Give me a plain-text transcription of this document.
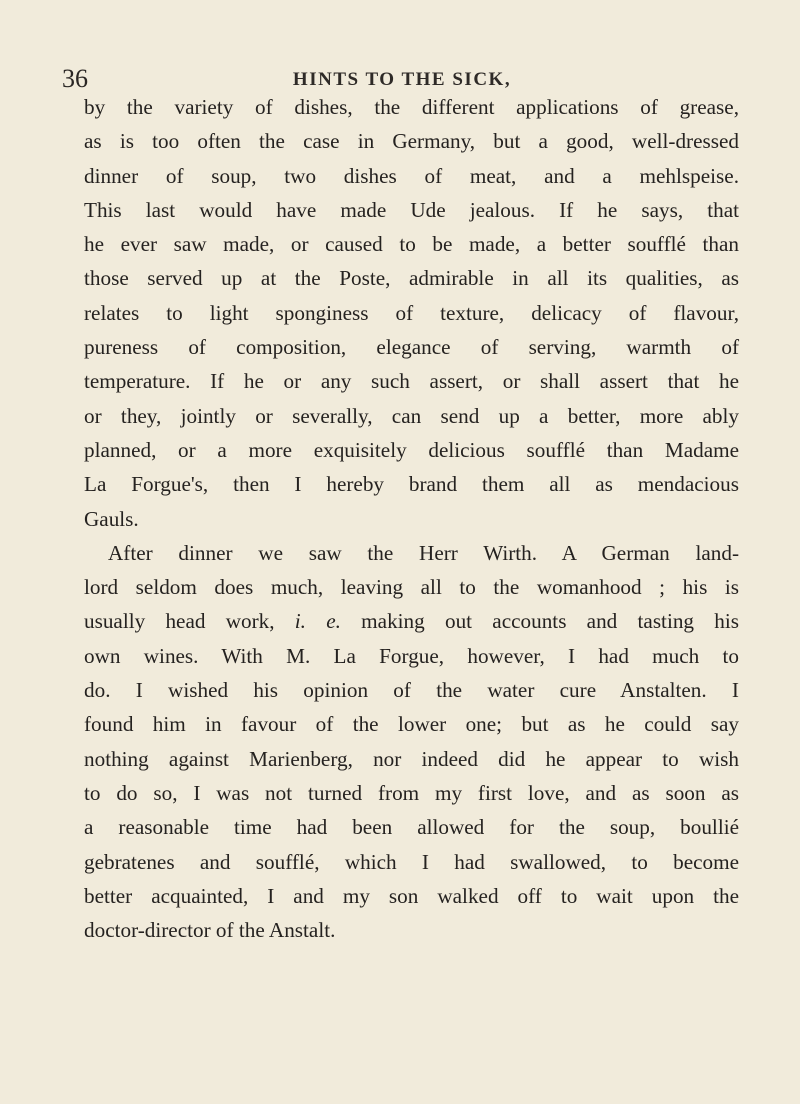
36	HINTS TO THE SICK,
by the variety of dishes, the different applications of grease,
as is too often the case in Germany, but a good, well-dressed
dinner of soup, two dishes of meat, and a mehlspeise.
This last would have made Ude jealous. If he says, that
he ever saw made, or caused to be made, a better soufflé than
those served up at the Poste, admirable in all its qualities, as
relates to light sponginess of texture, delicacy of flavour,
pureness of composition, elegance of serving, warmth of
temperature. If he or any such assert, or shall assert that he
or they, jointly or severally, can send up a better, more ably
planned, or a more exquisitely delicious soufflé than Madame
La Forgue's, then I hereby brand them all as mendacious
Gauls.
After dinner we saw the Herr Wirth. A German land-
lord seldom does much, leaving all to the womanhood ; his is
usually head work, i. e. making out accounts and tasting his
own wines. With M. La Forgue, however, I had much to
do. I wished his opinion of the water cure Anstalten. I
found him in favour of the lower one; but as he could say
nothing against Marienberg, nor indeed did he appear to wish
to do so, I was not turned from my first love, and as soon as
a reasonable time had been allowed for the soup, boullié
gebratenes and soufflé, which I had swallowed, to become
better acquainted, I and my son walked off to wait upon the
doctor-director of the Anstalt.
